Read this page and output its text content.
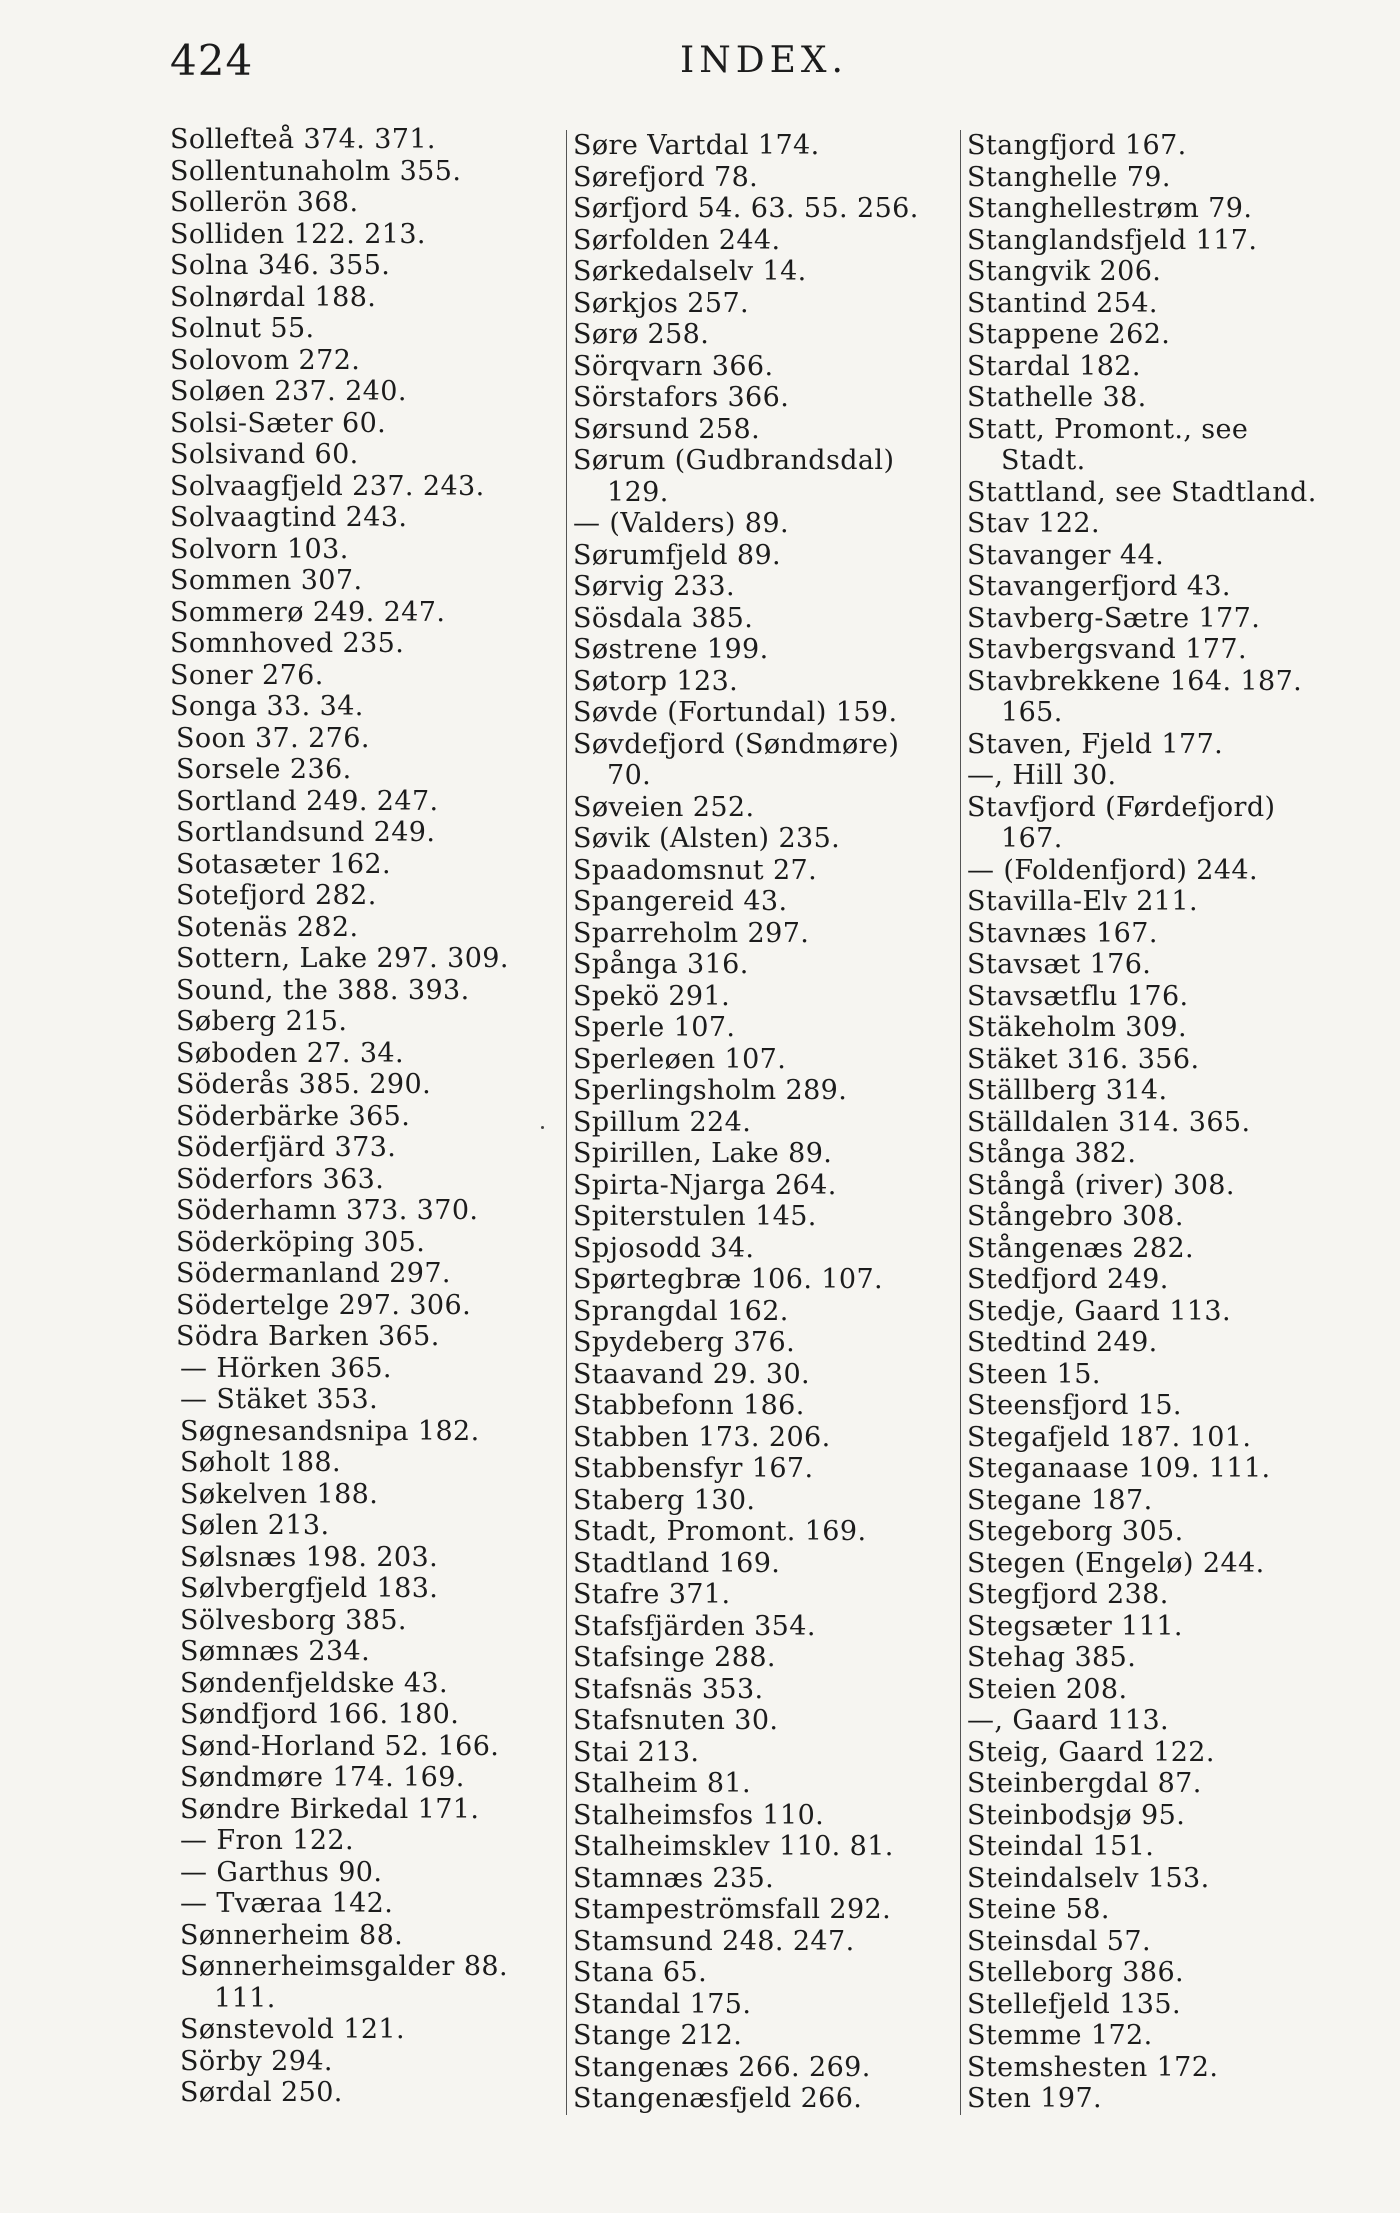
424	INDEX.
Sollefteå 374. 371.
Sollentunaholm 355.
Sollerön 368.
Solliden 122. 213.
Solna 346. 355.
Solnørdal 188.
Solnut 55.
Solovom 272.
Soløen 237. 240.
Solsi-Sæter 60.
Solsivand 60.
Solvaagfjeld 237. 243.
Solvaagtind 243.
Solvorn 103.
Sommen 307.
Sommerø 249. 247.
Somnhoved 235.
Soner 276.
Songa 33. 34.
Soon 37. 276.
Sorsele 236.
Sortland 249. 247.
Sortlandsund 249.
Sotasæter 162.
Sotefjord 282.
Sotenäs 282.
Sottern, Lake 297. 309.
Sound, the 388. 393.
Søberg 215.
Søboden 27. 34.
Söderås 385. 290.
Söderbärke 365.
Söderfjärd 373.
Söderfors 363.
Söderhamn 373. 370.
Söderköping 305.
Södermanland 297.
Södertelge 297. 306.
Södra Barken 365.
— Hörken 365.
— Stäket 353.
Søgnesandsnipa 182.
Søholt 188.
Søkelven 188.
Sølen 213.
Sølsnæs 198. 203.
Sølvbergfjeld 183.
Sölvesborg 385.
Sømnæs 234.
Søndenfjeldske 43.
Søndfjord 166. 180.
Sønd-Horland 52. 166.
Søndmøre 174. 169.
Søndre Birkedal 171.
— Fron 122.
— Garthus 90.
— Tværaa 142.
Sønnerheim 88.
Sønnerheimsgalder 88.
111.
Sønstevold 121.
Sörby 294.
Sørdal 250.
Søre Vartdal 174.
Sørefjord 78.
Sørfjord 54. 63. 55. 256.
Sørfolden 244.
Sørkedalselv 14.
Sørkjos 257.
Sørø 258.
Sörqvarn 366.
Sörstafors 366.
Sørsund 258.
Sørum (Gudbrandsdal)
129.
— (Valders) 89.
Sørumfjeld 89.
Sørvig 233.
Sösdala 385.
Søstrene 199.
Søtorp 123.
Søvde (Fortundal) 159.
Søvdefjord (Søndmøre)
70.
Søveien 252.
Søvik (Alsten) 235.
Spaadomsnut 27.
Spangereid 43.
Sparreholm 297.
Spånga 316.
Spekö 291.
Sperle 107.
Sperleøen 107.
Sperlingsholm 289.
Spillum 224.
Spirillen, Lake 89.
Spirta-Njarga 264.
Spiterstulen 145.
Spjosodd 34.
Spørtegbræ 106. 107.
Sprangdal 162.
Spydeberg 376.
Staavand 29. 30.
Stabbefonn 186.
Stabben 173. 206.
Stabbensfyr 167.
Staberg 130.
Stadt, Promont. 169.
Stadtland 169.
Stafre 371.
Stafsfjärden 354.
Stafsinge 288.
Stafsnäs 353.
Stafsnuten 30.
Stai 213.
Stalheim 81.
Stalheimsfos 110.
Stalheimsklev 110. 81.
Stamnæs 235.
Stampeströmsfall 292.
Stamsund 248. 247.
Stana 65.
Standal 175.
Stange 212.
Stangenæs 266. 269.
Stangenæsfjeld 266.
Stangfjord 167.
Stanghelle 79.
Stanghellestrøm 79.
Stanglandsfjeld 117.
Stangvik 206.
Stantind 254.
Stappene 262.
Stardal 182.
Stathelle 38.
Statt, Promont., see
Stadt.
Stattland, see Stadtland.
Stav 122.
Stavanger 44.
Stavangerfjord 43.
Stavberg-Sætre 177.
Stavbergsvand 177.
Stavbrekkene 164. 187.
165.
Staven, Fjeld 177.
—, Hill 30.
Stavfjord (Førdefjord)
167.
— (Foldenfjord) 244.
Stavilla-Elv 211.
Stavnæs 167.
Stavsæt 176.
Stavsætflu 176.
Stäkeholm 309.
Stäket 316. 356.
Ställberg 314.
Ställdalen 314. 365.
Stånga 382.
Stångå (river) 308.
Stångebro 308.
Stångenæs 282.
Stedfjord 249.
Stedje, Gaard 113.
Stedtind 249.
Steen 15.
Steensfjord 15.
Stegafjeld 187. 101.
Steganaase 109. 111.
Stegane 187.
Stegeborg 305.
Stegen (Engelø) 244.
Stegfjord 238.
Stegsæter 111.
Stehag 385.
Steien 208.
—, Gaard 113.
Steig, Gaard 122.
Steinbergdal 87.
Steinbodsjø 95.
Steindal 151.
Steindalselv 153.
Steine 58.
Steinsdal 57.
Stelleborg 386.
Stellefjeld 135.
Stemme 172.
Stemshesten 172.
Sten 197.
